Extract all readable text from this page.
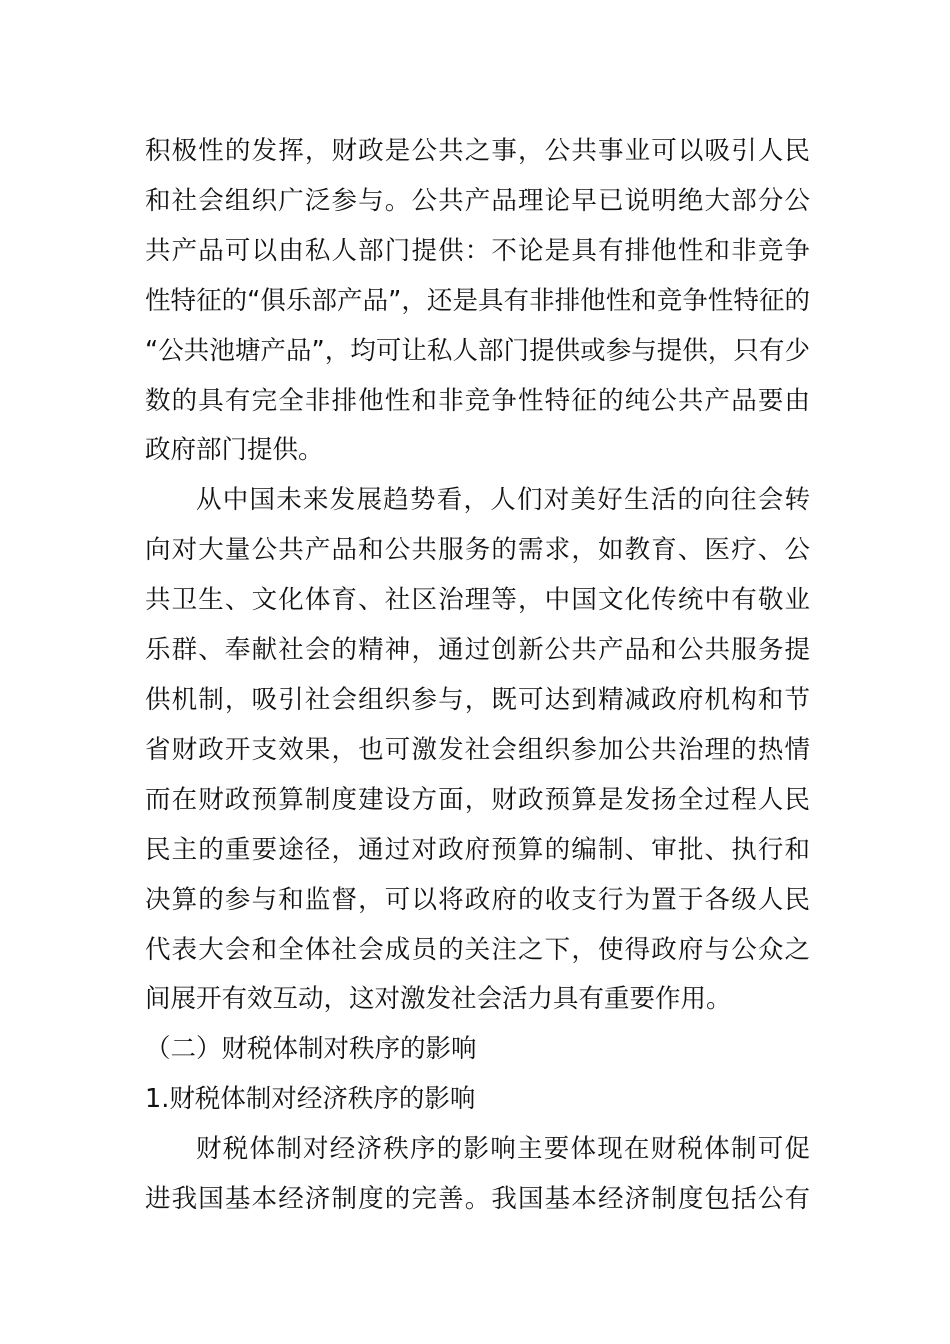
积极性的发挥，财政是公共之事，公共事业可以吸引人民
和社会组织广泛参与。公共产品理论早已说明绝大部分公
共产品可以由私人部门提供：不论是具有排他性和非竞争
性特征的“俱乐部产品”，还是具有非排他性和竞争性特征的
“公共池塘产品”，均可让私人部门提供或参与提供，只有少
数的具有完全非排他性和非竞争性特征的纯公共产品要由
政府部门提供。

从中国未来发展趋势看，人们对美好生活的向往会转
向对大量公共产品和公共服务的需求，如教育、医疗、公
共卫生、文化体育、社区治理等，中国文化传统中有敬业
乐群、奉献社会的精神，通过创新公共产品和公共服务提
供机制，吸引社会组织参与，既可达到精减政府机构和节
省财政开支效果，也可激发社会组织参加公共治理的热情
而在财政预算制度建设方面，财政预算是发扬全过程人民
民主的重要途径，通过对政府预算的编制、审批、执行和
决算的参与和监督，可以将政府的收支行为置于各级人民
代表大会和全体社会成员的关注之下，使得政府与公众之
间展开有效互动，这对激发社会活力具有重要作用。

（二）财税体制对秩序的影响

1.财税体制对经济秩序的影响

财税体制对经济秩序的影响主要体现在财税体制可促
进我国基本经济制度的完善。我国基本经济制度包括公有
